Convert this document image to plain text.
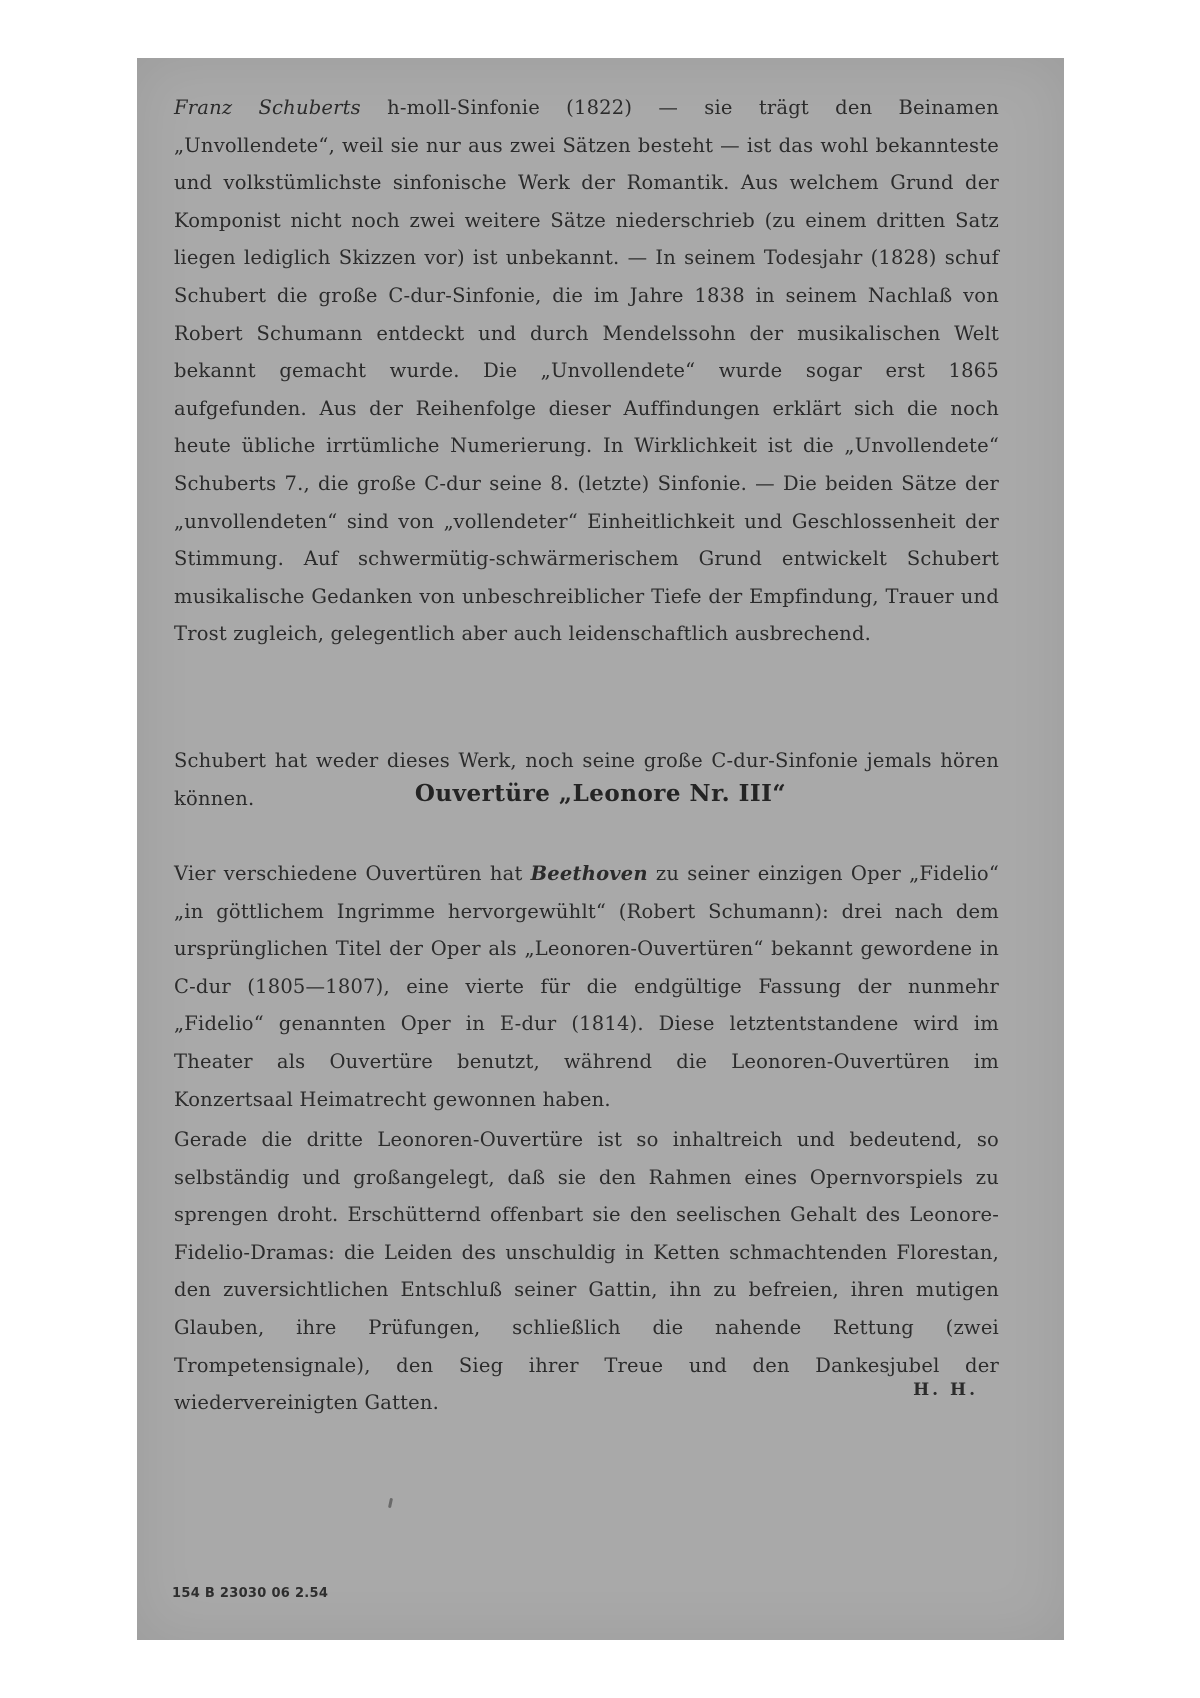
Franz Schuberts h-moll-Sinfonie (1822) — sie trägt den Beinamen „Unvollendete“, weil sie nur aus zwei Sätzen besteht — ist das wohl bekannteste und volkstümlichste sinfonische Werk der Romantik. Aus welchem Grund der Komponist nicht noch zwei weitere Sätze niederschrieb (zu einem dritten Satz liegen lediglich Skizzen vor) ist unbekannt. — In seinem Todesjahr (1828) schuf Schubert die große C-dur-Sinfonie, die im Jahre 1838 in seinem Nachlaß von Robert Schumann entdeckt und durch Mendelssohn der musikalischen Welt bekannt gemacht wurde. Die „Unvollendete“ wurde sogar erst 1865 aufgefunden. Aus der Reihenfolge dieser Auffindungen erklärt sich die noch heute übliche irrtümliche Numerierung. In Wirklichkeit ist die „Unvollendete“ Schuberts 7., die große C-dur seine 8. (letzte) Sinfonie. — Die beiden Sätze der „unvollendeten“ sind von „vollendeter“ Einheitlichkeit und Geschlossenheit der Stimmung. Auf schwermütig-schwärmerischem Grund entwickelt Schubert musikalische Gedanken von unbeschreiblicher Tiefe der Empfindung, Trauer und Trost zugleich, gelegentlich aber auch leidenschaftlich ausbrechend.

Schubert hat weder dieses Werk, noch seine große C-dur-Sinfonie jemals hören können.	Ouvertüre „Leonore Nr. III“

Vier verschiedene Ouvertüren hat Beethoven zu seiner einzigen Oper „Fidelio“ „in göttlichem Ingrimme hervorgewühlt“ (Robert Schumann): drei nach dem ursprünglichen Titel der Oper als „Leonoren-Ouvertüren“ bekannt gewordene in C-dur (1805—1807), eine vierte für die endgültige Fassung der nunmehr „Fidelio“ genannten Oper in E-dur (1814). Diese letztentstandene wird im Theater als Ouvertüre benutzt, während die Leonoren-Ouvertüren im Konzertsaal Heimatrecht gewonnen haben.

Gerade die dritte Leonoren-Ouvertüre ist so inhaltreich und bedeutend, so selbständig und großangelegt, daß sie den Rahmen eines Opernvorspiels zu sprengen droht. Erschütternd offenbart sie den seelischen Gehalt des Leonore-Fidelio-Dramas: die Leiden des unschuldig in Ketten schmachtenden Florestan, den zuversichtlichen Entschluß seiner Gattin, ihn zu befreien, ihren mutigen Glauben, ihre Prüfungen, schließlich die nahende Rettung (zwei Trompetensignale), den Sieg ihrer Treue und den Dankesjubel der wiedervereinigten Gatten.

H. H.
154 B 23030 06 2.54
